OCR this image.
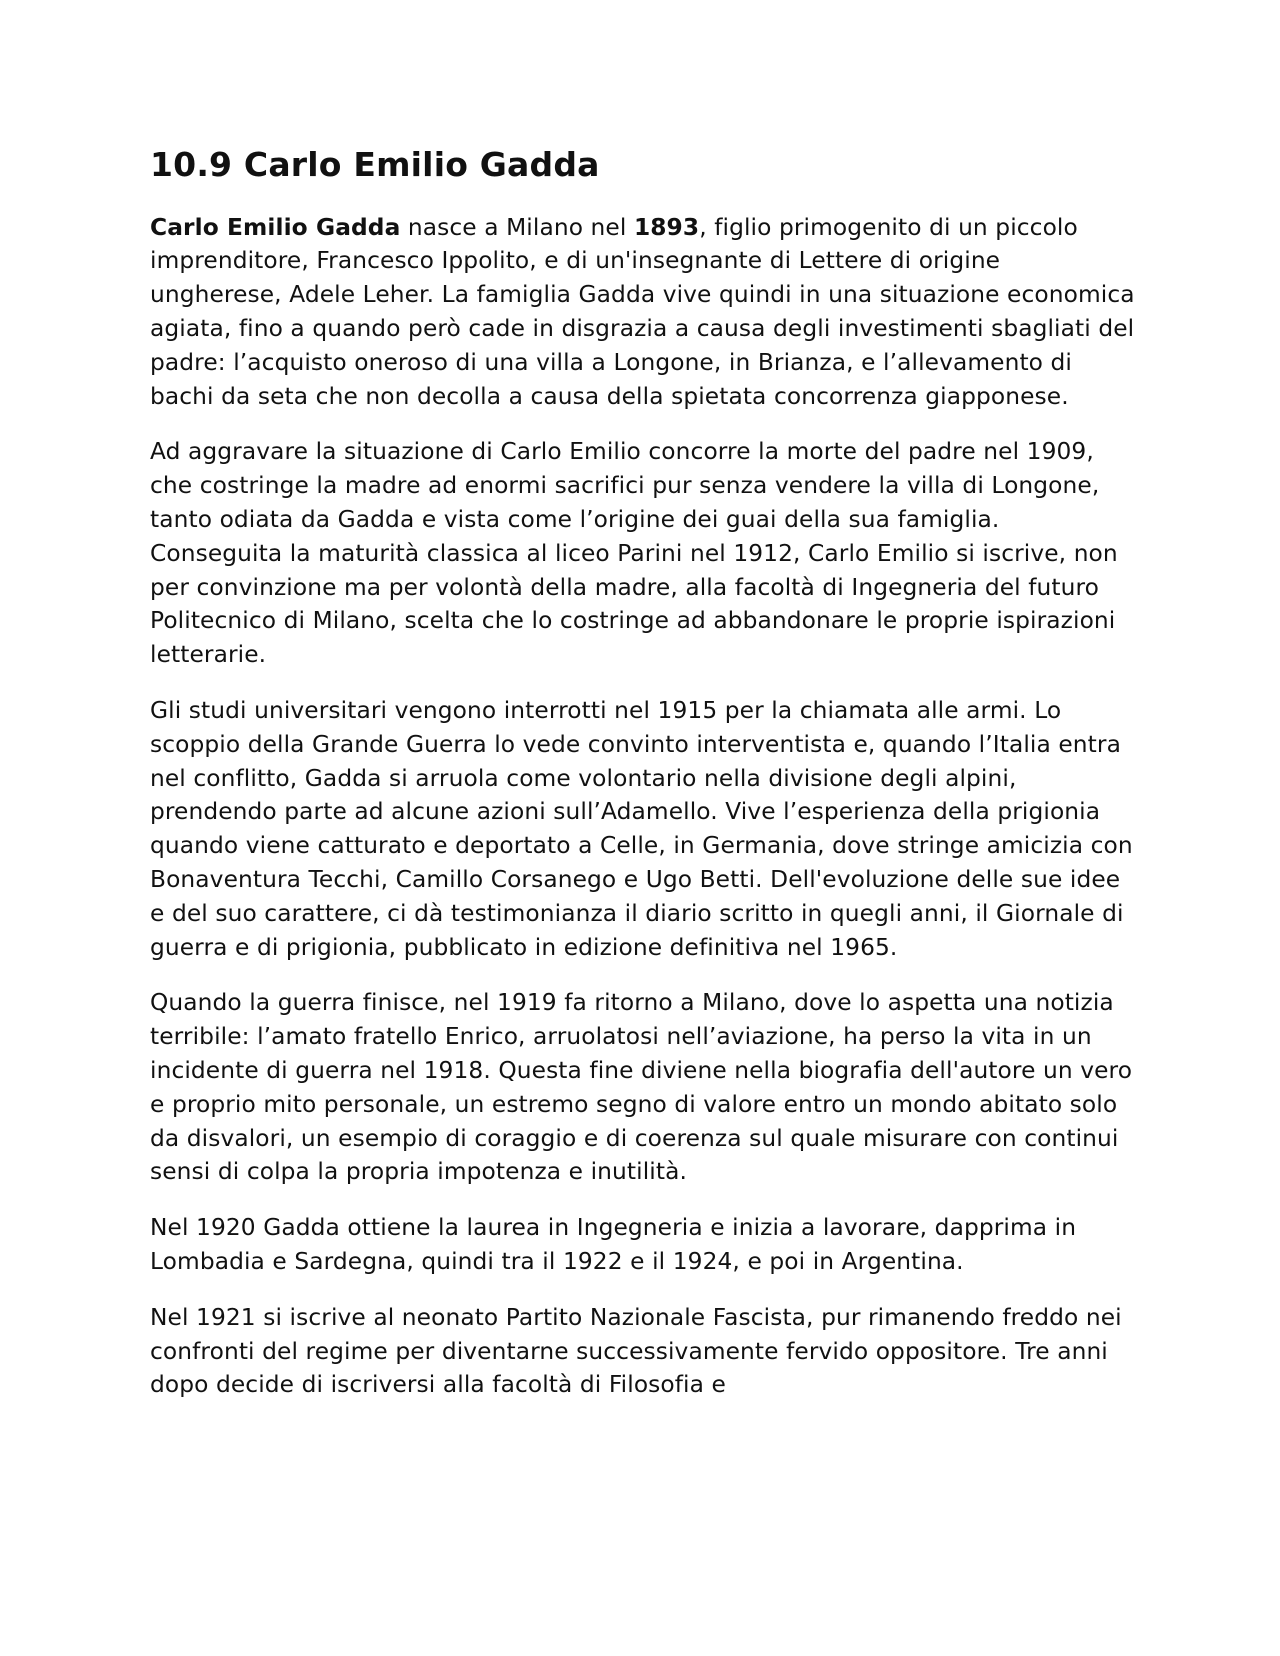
10.9 Carlo Emilio Gadda

Carlo Emilio Gadda nasce a Milano nel 1893, figlio primogenito di un piccolo imprenditore, Francesco Ippolito, e di un'insegnante di Lettere di origine ungherese, Adele Leher. La famiglia Gadda vive quindi in una situazione economica agiata, fino a quando però cade in disgrazia a causa degli investimenti sbagliati del padre: l’acquisto oneroso di una villa a Longone, in Brianza, e l’allevamento di bachi da seta che non decolla a causa della spietata concorrenza giapponese.

Ad aggravare la situazione di Carlo Emilio concorre la morte del padre nel 1909, che costringe la madre ad enormi sacrifici pur senza vendere la villa di Longone, tanto odiata da Gadda e vista come l’origine dei guai della sua famiglia. Conseguita la maturità classica al liceo Parini nel 1912, Carlo Emilio si iscrive, non per convinzione ma per volontà della madre, alla facoltà di Ingegneria del futuro Politecnico di Milano, scelta che lo costringe ad abbandonare le proprie ispirazioni letterarie.

Gli studi universitari vengono interrotti nel 1915 per la chiamata alle armi. Lo scoppio della Grande Guerra lo vede convinto interventista e, quando l’Italia entra nel conflitto, Gadda si arruola come volontario nella divisione degli alpini, prendendo parte ad alcune azioni sull’Adamello. Vive l’esperienza della prigionia quando viene catturato e deportato a Celle, in Germania, dove stringe amicizia con Bonaventura Tecchi, Camillo Corsanego e Ugo Betti. Dell'evoluzione delle sue idee e del suo carattere, ci dà testimonianza il diario scritto in quegli anni, il Giornale di guerra e di prigionia, pubblicato in edizione definitiva nel 1965.

Quando la guerra finisce, nel 1919 fa ritorno a Milano, dove lo aspetta una notizia terribile: l’amato fratello Enrico, arruolatosi nell’aviazione, ha perso la vita in un incidente di guerra nel 1918. Questa fine diviene nella biografia dell'autore un vero e proprio mito personale, un estremo segno di valore entro un mondo abitato solo da disvalori, un esempio di coraggio e di coerenza sul quale misurare con continui sensi di colpa la propria impotenza e inutilità.

Nel 1920 Gadda ottiene la laurea in Ingegneria e inizia a lavorare, dapprima in Lombadia e Sardegna, quindi tra il 1922 e il 1924, e poi in Argentina.

Nel 1921 si iscrive al neonato Partito Nazionale Fascista, pur rimanendo freddo nei confronti del regime per diventarne successivamente fervido oppositore. Tre anni dopo decide di iscriversi alla facoltà di Filosofia e
